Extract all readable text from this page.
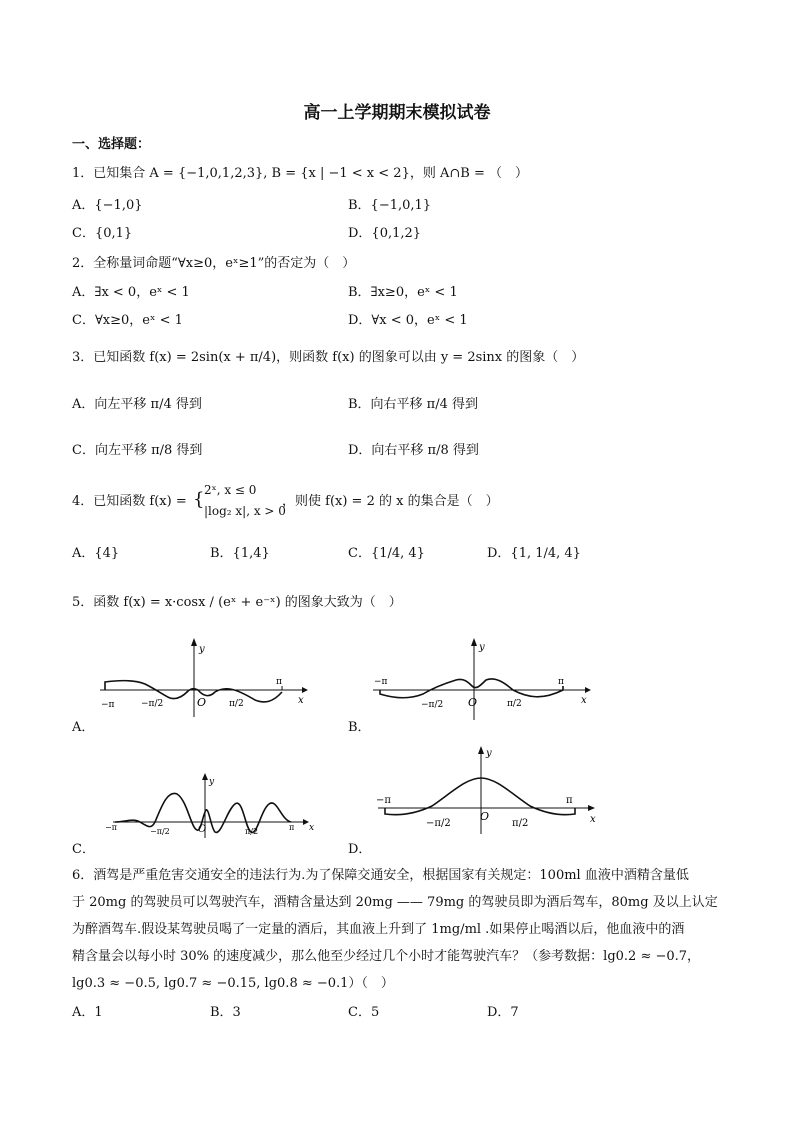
高一上学期期末模拟试卷
一、选择题：
1．已知集合 A = {−1,0,1,2,3}, B = {x | −1 < x < 2}，则 A∩B = （　）
A．{−1,0}	B．{−1,0,1}
C．{0,1}	D．{0,1,2}
2．全称量词命题“∀x≥0，eˣ≥1”的否定为（　）
A．∃x < 0，eˣ < 1	B．∃x≥0，eˣ < 1
C．∀x≥0，eˣ < 1	D．∀x < 0，eˣ < 1
3．已知函数 f(x) = 2sin(x + π/4)，则函数 f(x) 的图象可以由 y = 2sinx 的图象（　）
A．向左平移 π/4 得到	B．向右平移 π/4 得到
C．向左平移 π/8 得到	D．向右平移 π/8 得到
4．已知函数 f(x) = { 2ˣ, x ≤ 0
|log₂ x|, x > 0
，则使 f(x) = 2 的 x 的集合是（　）
A．{4}	B．{1,4}	C．{1/4, 4}	D．{1, 1/4, 4}
5．函数 f(x) = x·cosx / (eˣ + e⁻ˣ) 的图象大致为（　）
−π	−π/2	O	π/2
π
x
y
A．
−π
−π/2 O	π/2
π
x
y
B．
−π	−π/2	O	π/2	π x
y
C．
−π
−π/2
O
π/2
π
x
y
D．
6．酒驾是严重危害交通安全的违法行为.为了保障交通安全，根据国家有关规定：100ml 血液中酒精含量低
于 20mg 的驾驶员可以驾驶汽车，酒精含量达到 20mg —— 79mg 的驾驶员即为酒后驾车，80mg 及以上认定
为醉酒驾车.假设某驾驶员喝了一定量的酒后，其血液上升到了 1mg/ml .如果停止喝酒以后，他血液中的酒
精含量会以每小时 30% 的速度减少，那么他至少经过几个小时才能驾驶汽车？（参考数据：lg0.2 ≈ −0.7，
lg0.3 ≈ −0.5, lg0.7 ≈ −0.15, lg0.8 ≈ −0.1）（　）
A．1	B．3	C．5	D．7
